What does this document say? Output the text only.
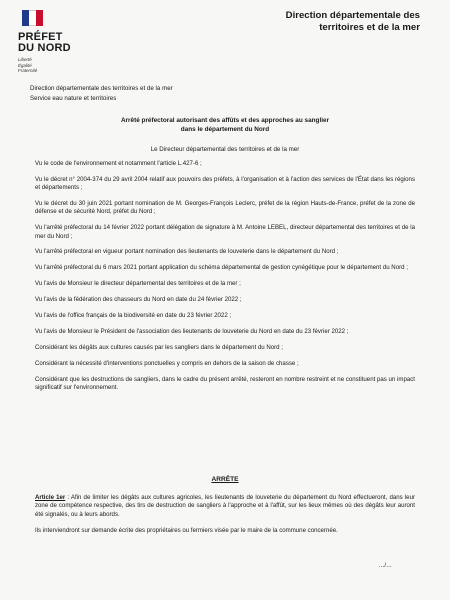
PRÉFET
DU NORD
Liberté
Égalité
Fraternité
Direction départementale des territoires et de la mer
Direction départementale des territoires et de la mer
Service eau nature et territoires
Arrêté préfectoral autorisant des affûts et des approches au sanglier
dans le département du Nord
Le Directeur départemental des territoires et de la mer

Vu le code de l'environnement et notamment l'article L.427-6 ;

Vu le décret n° 2004-374 du 29 avril 2004 relatif aux pouvoirs des préfets, à l'organisation et à l'action des services de l'État dans les régions et départements ;

Vu le décret du 30 juin 2021 portant nomination de M. Georges-François Leclerc, préfet de la région Hauts-de-France, préfet de la zone de défense et de sécurité Nord, préfet du Nord ;

Vu l'arrêté préfectoral du 14 février 2022 portant délégation de signature à M. Antoine LEBEL, directeur départemental des territoires et de la mer du Nord ;

Vu l'arrêté préfectoral en vigueur portant nomination des lieutenants de louveterie dans le département du Nord ;

Vu l'arrêté préfectoral du 6 mars 2021 portant application du schéma départemental de gestion cynégétique pour le département du Nord ;

Vu l'avis de Monsieur le directeur départemental des territoires et de la mer ;

Vu l'avis de la fédération des chasseurs du Nord en date du 24 février 2022 ;

Vu l'avis de l'office français de la biodiversité en date du 23 février 2022 ;

Vu l'avis de Monsieur le Président de l'association des lieutenants de louveterie du Nord en date du 23 février 2022 ;

Considérant les dégâts aux cultures causés par les sangliers dans le département du Nord ;

Considérant la nécessité d'interventions ponctuelles y compris en dehors de la saison de chasse ;

Considérant que les destructions de sangliers, dans le cadre du présent arrêté, resteront en nombre restreint et ne constituent pas un impact significatif sur l'environnement.

ARRÊTE

Article 1er : Afin de limiter les dégâts aux cultures agricoles, les lieutenants de louveterie du département du Nord effectueront, dans leur zone de compétence respective, des tirs de destruction de sangliers à l'approche et à l'affût, sur les lieux mêmes où des dégâts leur auront été signalés, ou à leurs abords.

Ils interviendront sur demande écrite des propriétaires ou fermiers visée par le maire de la commune concernée.

…/…
